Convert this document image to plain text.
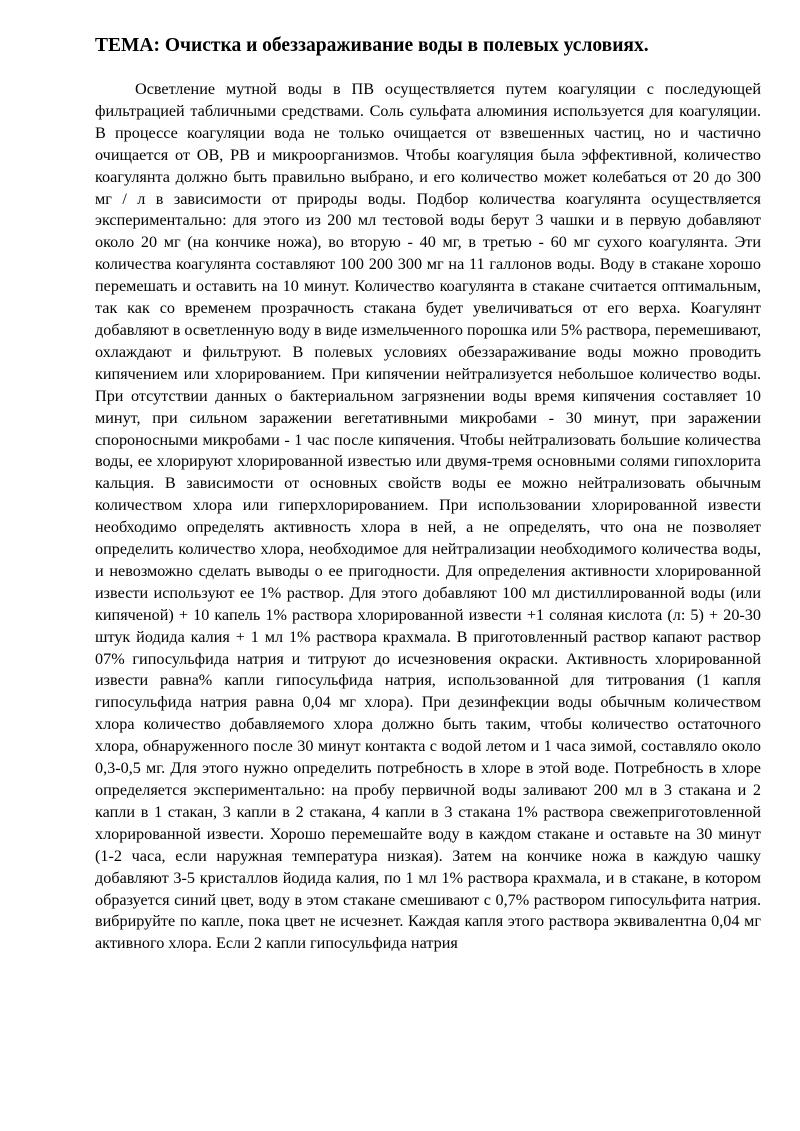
ТЕМА: Очистка и обеззараживание воды в полевых условиях.

Осветление мутной воды в ПВ осуществляется путем коагуляции с последующей фильтрацией табличными средствами. Соль сульфата алюминия используется для коагуляции. В процессе коагуляции вода не только очищается от взвешенных частиц, но и частично очищается от ОВ, РВ и микроорганизмов. Чтобы коагуляция была эффективной, количество коагулянта должно быть правильно выбрано, и его количество может колебаться от 20 до 300 мг / л в зависимости от природы воды. Подбор количества коагулянта осуществляется экспериментально: для этого из 200 мл тестовой воды берут 3 чашки и в первую добавляют около 20 мг (на кончике ножа), во вторую - 40 мг, в третью - 60 мг сухого коагулянта. Эти количества коагулянта составляют 100 200 300 мг на 11 галлонов воды. Воду в стакане хорошо перемешать и оставить на 10 минут. Количество коагулянта в стакане считается оптимальным, так как со временем прозрачность стакана будет увеличиваться от его верха. Коагулянт добавляют в осветленную воду в виде измельченного порошка или 5% раствора, перемешивают, охлаждают и фильтруют. В полевых условиях обеззараживание воды можно проводить кипячением или хлорированием. При кипячении нейтрализуется небольшое количество воды. При отсутствии данных о бактериальном загрязнении воды время кипячения составляет 10 минут, при сильном заражении вегетативными микробами - 30 минут, при заражении спороносными микробами - 1 час после кипячения. Чтобы нейтрализовать большие количества воды, ее хлорируют хлорированной известью или двумя-тремя основными солями гипохлорита кальция. В зависимости от основных свойств воды ее можно нейтрализовать обычным количеством хлора или гиперхлорированием. При использовании хлорированной извести необходимо определять активность хлора в ней, а не определять, что она не позволяет определить количество хлора, необходимое для нейтрализации необходимого количества воды, и невозможно сделать выводы о ее пригодности. Для определения активности хлорированной извести используют ее 1% раствор. Для этого добавляют 100 мл дистиллированной воды (или кипяченой) + 10 капель 1% раствора хлорированной извести +1 соляная кислота (л: 5) + 20-30 штук йодида калия + 1 мл 1% раствора крахмала. В приготовленный раствор капают раствор 07% гипосульфида натрия и титруют до исчезновения окраски. Активность хлорированной извести равна% капли гипосульфида натрия, использованной для титрования (1 капля гипосульфида натрия равна 0,04 мг хлора). При дезинфекции воды обычным количеством хлора количество добавляемого хлора должно быть таким, чтобы количество остаточного хлора, обнаруженного после 30 минут контакта с водой летом и 1 часа зимой, составляло около 0,3-0,5 мг. Для этого нужно определить потребность в хлоре в этой воде. Потребность в хлоре определяется экспериментально: на пробу первичной воды заливают 200 мл в 3 стакана и 2 капли в 1 стакан, 3 капли в 2 стакана, 4 капли в 3 стакана 1% раствора свежеприготовленной хлорированной извести. Хорошо перемешайте воду в каждом стакане и оставьте на 30 минут (1-2 часа, если наружная температура низкая). Затем на кончике ножа в каждую чашку добавляют 3-5 кристаллов йодида калия, по 1 мл 1% раствора крахмала, и в стакане, в котором образуется синий цвет, воду в этом стакане смешивают с 0,7% раствором гипосульфита натрия. вибрируйте по капле, пока цвет не исчезнет. Каждая капля этого раствора эквивалентна 0,04 мг активного хлора. Если 2 капли гипосульфида натрия
